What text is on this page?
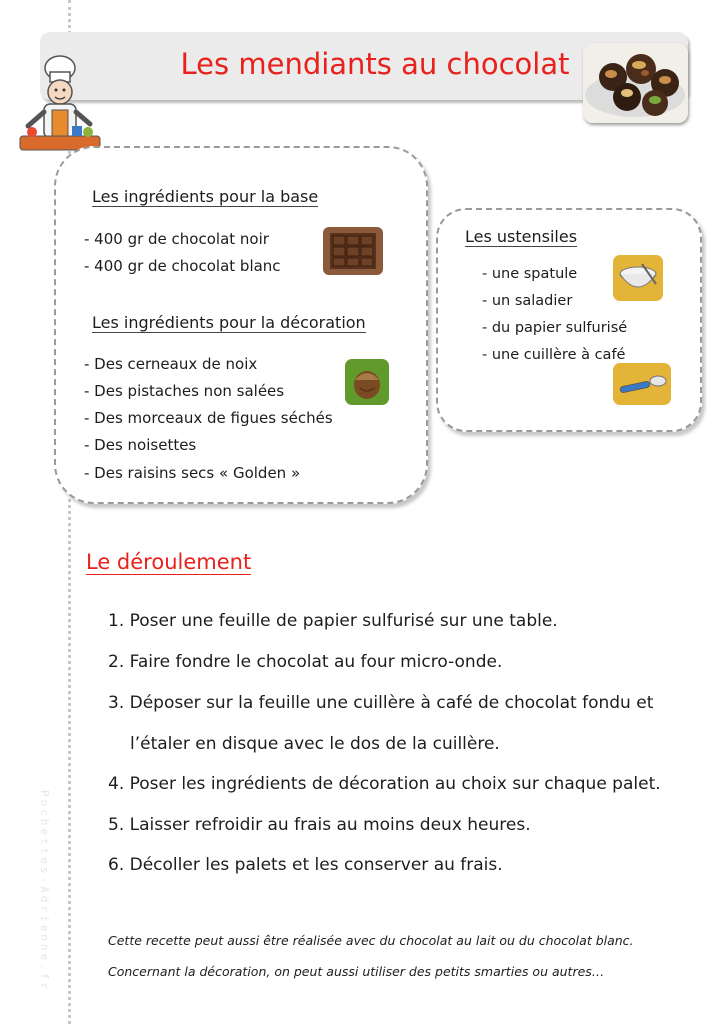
Pochettes-Adrienne.fr
Les mendiants au chocolat
Les ingrédients pour la base
- 400 gr de chocolat noir
- 400 gr de chocolat blanc
Les ingrédients pour la décoration
- Des cerneaux de noix
- Des pistaches non salées
- Des morceaux de figues séchés
- Des noisettes
- Des raisins secs « Golden »
Les ustensiles
- une spatule
- un saladier
- du papier sulfurisé
- une cuillère à café
Le déroulement
1. Poser une feuille de papier sulfurisé sur une table.
2. Faire fondre le chocolat au four micro-onde.
3. Déposer sur la feuille une cuillère à café de chocolat fondu et
l’étaler en disque avec le dos de la cuillère.
4. Poser les ingrédients de décoration au choix sur chaque palet.
5. Laisser refroidir au frais au moins deux heures.
6. Décoller les palets et les conserver au frais.
Cette recette peut aussi être réalisée avec du chocolat au lait ou du chocolat blanc.
Concernant la décoration, on peut aussi utiliser des petits smarties ou autres…
